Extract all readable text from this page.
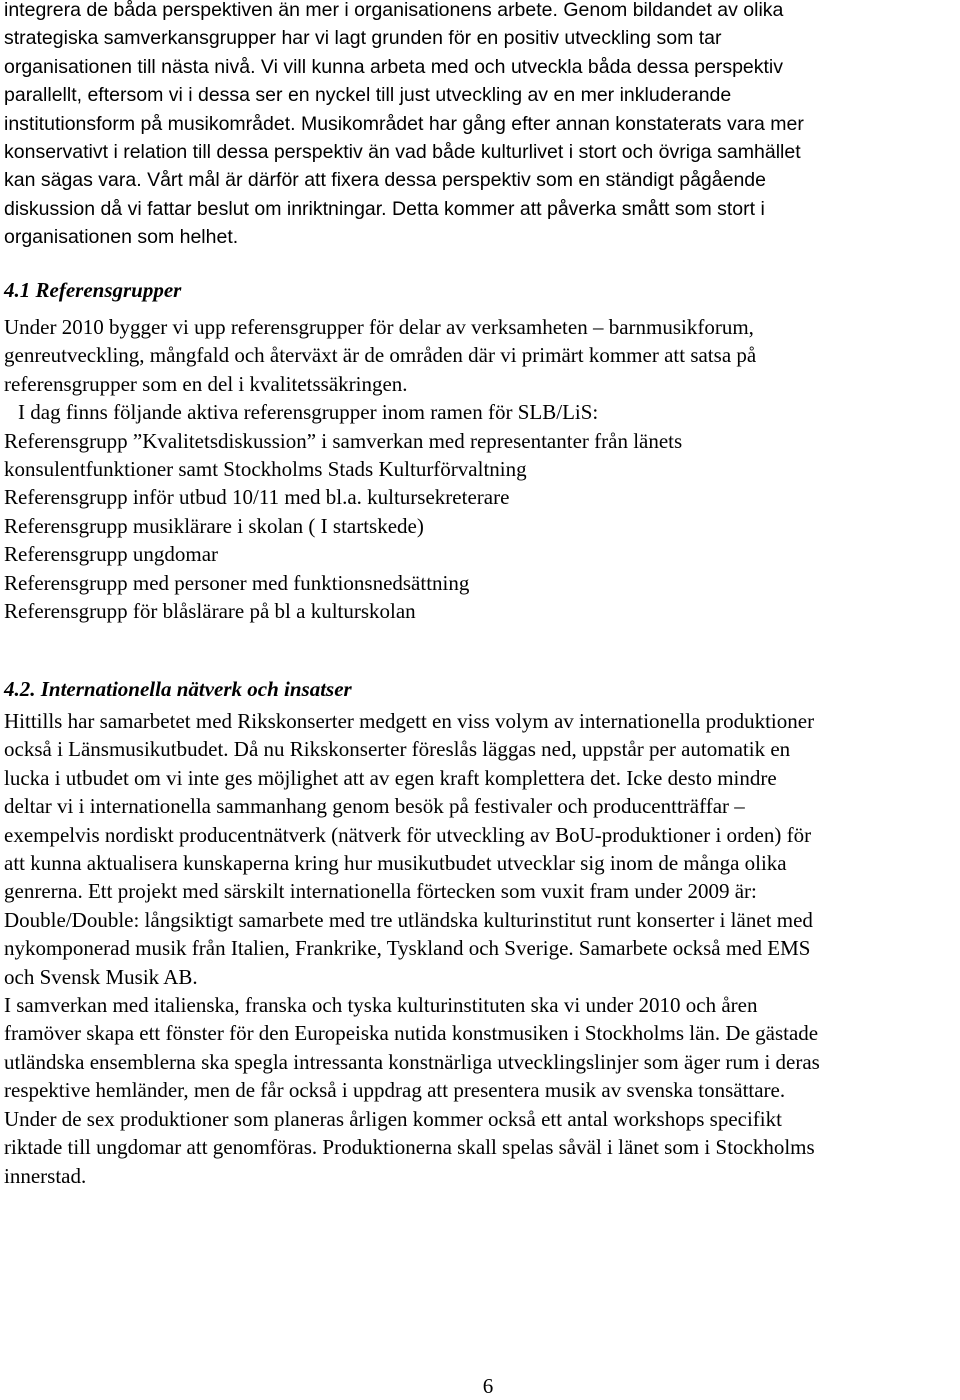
integrera de båda perspektiven än mer i organisationens arbete. Genom bildandet av olika
strategiska samverkansgrupper har vi lagt grunden för en positiv utveckling som tar
organisationen till nästa nivå. Vi vill kunna arbeta med och utveckla båda dessa perspektiv
parallellt, eftersom vi i dessa ser en nyckel till just utveckling av en mer inkluderande
institutionsform på musikområdet. Musikområdet har gång efter annan konstaterats vara mer
konservativt i relation till dessa perspektiv än vad både kulturlivet i stort och övriga samhället
kan sägas vara. Vårt mål är därför att fixera dessa perspektiv som en ständigt pågående
diskussion då vi fattar beslut om inriktningar. Detta kommer att påverka smått som stort i
organisationen som helhet.
4.1 Referensgrupper
Under 2010 bygger vi upp referensgrupper för delar av verksamheten – barnmusikforum,
genreutveckling, mångfald och återväxt är de områden där vi primärt kommer att satsa på
referensgrupper som en del i kvalitetssäkringen.
I dag finns följande aktiva referensgrupper inom ramen för SLB/LiS:
Referensgrupp ”Kvalitetsdiskussion” i samverkan med representanter från länets
konsulentfunktioner samt Stockholms Stads Kulturförvaltning
Referensgrupp inför utbud 10/11 med bl.a. kultursekreterare
Referensgrupp musiklärare i skolan ( I startskede)
Referensgrupp ungdomar
Referensgrupp med personer med funktionsnedsättning
Referensgrupp för blåslärare på bl a kulturskolan
4.2. Internationella nätverk och insatser
Hittills har samarbetet med Rikskonserter medgett en viss volym av internationella produktioner
också i Länsmusikutbudet. Då nu Rikskonserter föreslås läggas ned, uppstår per automatik en
lucka i utbudet om vi inte ges möjlighet att av egen kraft komplettera det. Icke desto mindre
deltar vi i internationella sammanhang genom besök på festivaler och producentträffar –
exempelvis nordiskt producentnätverk (nätverk för utveckling av BoU-produktioner i orden) för
att kunna aktualisera kunskaperna kring hur musikutbudet utvecklar sig inom de många olika
genrerna. Ett projekt med särskilt internationella förtecken som vuxit fram under 2009 är:
Double/Double: långsiktigt samarbete med tre utländska kulturinstitut runt konserter i länet med
nykomponerad musik från Italien, Frankrike, Tyskland och Sverige. Samarbete också med EMS
och Svensk Musik AB.
I samverkan med italienska, franska och tyska kulturinstituten ska vi under 2010 och åren
framöver skapa ett fönster för den Europeiska nutida konstmusiken i Stockholms län. De gästade
utländska ensemblerna ska spegla intressanta konstnärliga utvecklingslinjer som äger rum i deras
respektive hemländer, men de får också i uppdrag att presentera musik av svenska tonsättare.
Under de sex produktioner som planeras årligen kommer också ett antal workshops specifikt
riktade till ungdomar att genomföras. Produktionerna skall spelas såväl i länet som i Stockholms
innerstad.
6
